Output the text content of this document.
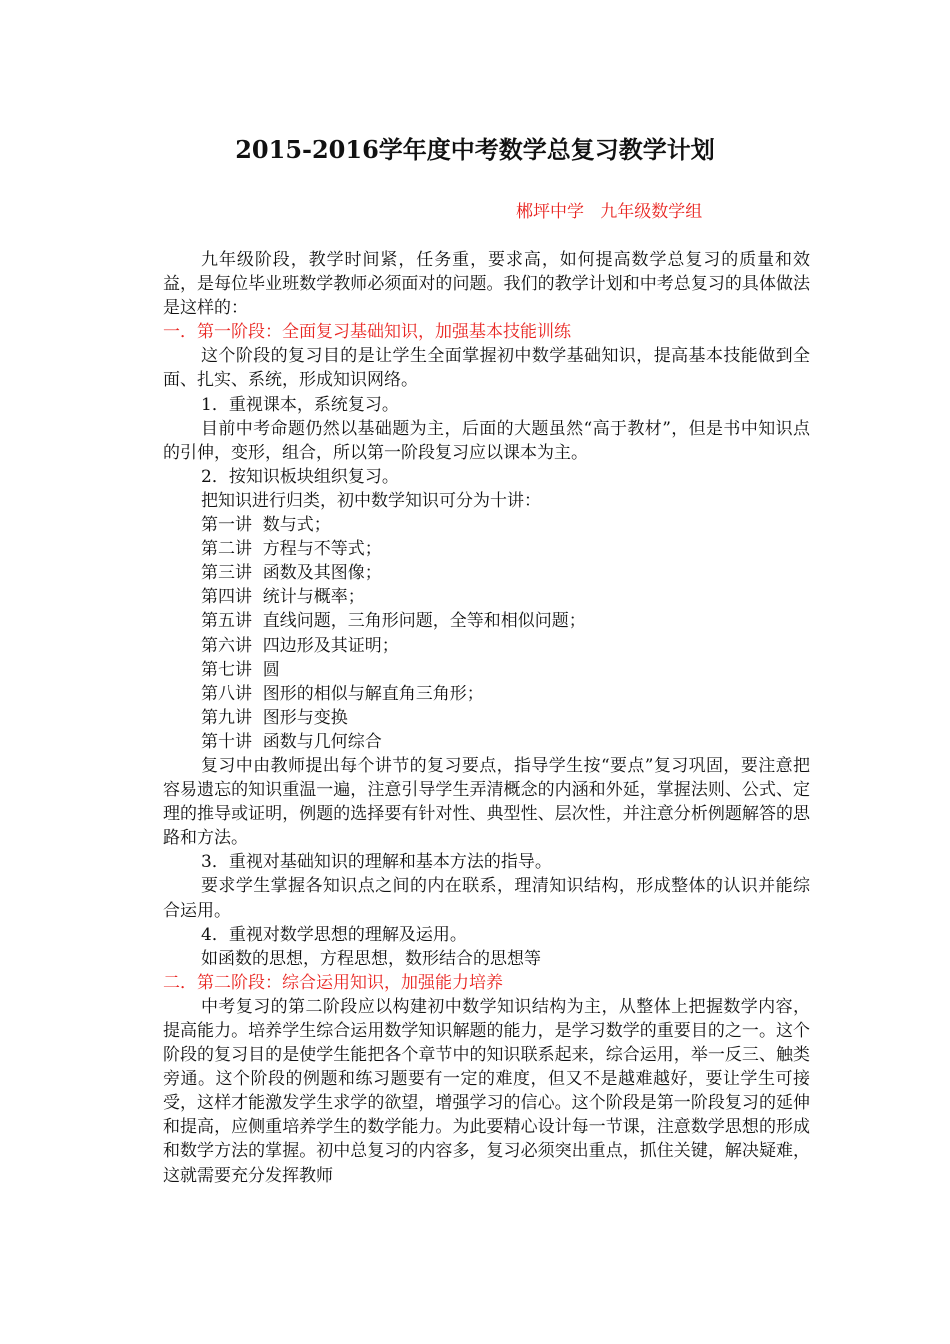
2015-2016学年度中考数学总复习教学计划
郴坪中学   九年级数学组

九年级阶段，教学时间紧，任务重，要求高，如何提高数学总复习的质量和效益，是每位毕业班数学教师必须面对的问题。我们的教学计划和中考总复习的具体做法是这样的：

一．第一阶段：全面复习基础知识，加强基本技能训练

这个阶段的复习目的是让学生全面掌握初中数学基础知识，提高基本技能做到全面、扎实、系统，形成知识网络。

1．重视课本，系统复习。

目前中考命题仍然以基础题为主，后面的大题虽然“高于教材”，但是书中知识点的引伸，变形，组合，所以第一阶段复习应以课本为主。

2．按知识板块组织复习。

把知识进行归类，初中数学知识可分为十讲：

第一讲  数与式；

第二讲  方程与不等式；

第三讲  函数及其图像；

第四讲  统计与概率；

第五讲  直线问题，三角形问题，全等和相似问题；

第六讲  四边形及其证明；

第七讲  圆

第八讲  图形的相似与解直角三角形；

第九讲  图形与变换

第十讲  函数与几何综合

复习中由教师提出每个讲节的复习要点，指导学生按“要点”复习巩固，要注意把容易遗忘的知识重温一遍，注意引导学生弄清概念的内涵和外延，掌握法则、公式、定理的推导或证明，例题的选择要有针对性、典型性、层次性，并注意分析例题解答的思路和方法。

3．重视对基础知识的理解和基本方法的指导。

要求学生掌握各知识点之间的内在联系，理清知识结构，形成整体的认识并能综合运用。

4．重视对数学思想的理解及运用。

如函数的思想，方程思想，数形结合的思想等

二．第二阶段：综合运用知识，加强能力培养

中考复习的第二阶段应以构建初中数学知识结构为主，从整体上把握数学内容，提高能力。培养学生综合运用数学知识解题的能力，是学习数学的重要目的之一。这个阶段的复习目的是使学生能把各个章节中的知识联系起来，综合运用，举一反三、触类旁通。这个阶段的例题和练习题要有一定的难度，但又不是越难越好，要让学生可接受，这样才能激发学生求学的欲望，增强学习的信心。这个阶段是第一阶段复习的延伸和提高，应侧重培养学生的数学能力。为此要精心设计每一节课，注意数学思想的形成和数学方法的掌握。初中总复习的内容多，复习必须突出重点，抓住关键，解决疑难，这就需要充分发挥教师
